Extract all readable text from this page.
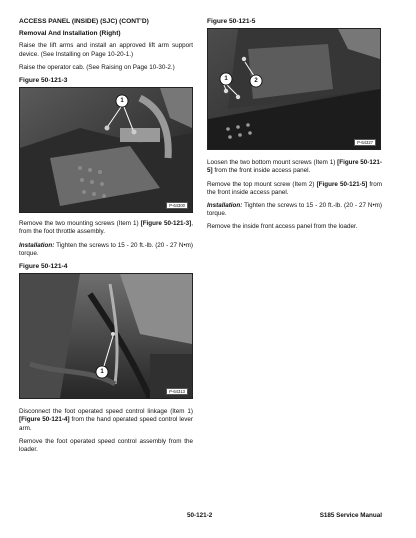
ACCESS PANEL (INSIDE) (SJC) (CONT’D)
Removal And Installation (Right)

Raise the lift arms and install an approved lift arm support device. (See Installing on Page 10-20-1.)

Raise the operator cab. (See Raising on Page 10-30-2.)

Figure 50-121-3
1
P-64300

Remove the two mounting screws (Item 1) [Figure 50-121-3], from the foot throttle assembly.

Installation: Tighten the screws to 15 - 20 ft.-lb. (20 - 27 N•m) torque.

Figure 50-121-4
1
P-64313

Disconnect the foot operated speed control linkage (Item 1) [Figure 50-121-4] from the hand operated speed control lever arm.

Remove the foot operated speed control assembly from the loader.

Figure 50-121-5
1	2
P-64327

Loosen the two bottom mount screws (Item 1) [Figure 50-121-5] from the front inside access panel.

Remove the top mount screw (Item 2) [Figure 50-121-5] from the front inside access panel.

Installation: Tighten the screws to 15 - 20 ft.-lb. (20 - 27 N•m) torque.

Remove the inside front access panel from the loader.

50-121-2	S185 Service Manual
